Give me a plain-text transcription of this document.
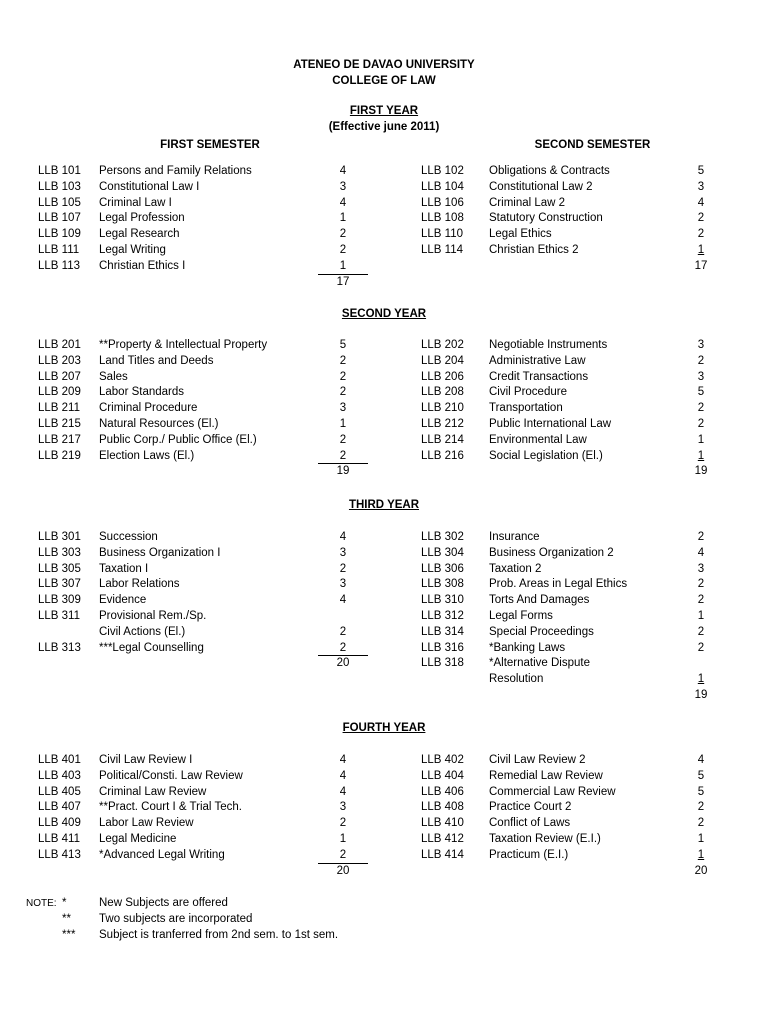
ATENEO DE DAVAO UNIVERSITY
COLLEGE OF LAW
FIRST YEAR
(Effective june 2011)
FIRST SEMESTER	SECOND SEMESTER
LLB 101 Persons and Family Relations	4
LLB 103 Constitutional Law I	3
LLB 105 Criminal Law I	4
LLB 107 Legal Profession	1
LLB 109 Legal Research	2
LLB 111 Legal Writing	2
LLB 113 Christian Ethics I	1
LLB 102 Obligations & Contracts	5
LLB 104 Constitutional Law 2	3
LLB 106 Criminal Law 2	4
LLB 108 Statutory Construction	2
LLB 110 Legal Ethics	2
LLB 114 Christian Ethics 2	1
17
17
SECOND YEAR
LLB 201 **Property & Intellectual Property	5
LLB 203 Land Titles and Deeds	2
LLB 207 Sales	2
LLB 209 Labor Standards	2
LLB 211 Criminal Procedure	3
LLB 215 Natural Resources (El.)	1
LLB 217 Public Corp./ Public Office (El.)	2
LLB 219 Election Laws (El.)	2
LLB 202 Negotiable Instruments	3
LLB 204 Administrative Law	2
LLB 206 Credit Transactions	3
LLB 208 Civil Procedure	5
LLB 210 Transportation	2
LLB 212 Public International Law	2
LLB 214 Environmental Law	1
LLB 216 Social Legislation (El.)	1
19	19
THIRD YEAR
LLB 301 Succession	4
LLB 303 Business Organization I	3
LLB 305 Taxation I	2
LLB 307 Labor Relations	3
LLB 309 Evidence	4
LLB 311 Provisional Rem./Sp.
Civil Actions (El.)	2
LLB 313 ***Legal Counselling	2
LLB 302 Insurance	2
LLB 304 Business Organization 2	4
LLB 306 Taxation 2	3
LLB 308 Prob. Areas in Legal Ethics	2
LLB 310 Torts And Damages	2
LLB 312 Legal Forms	1
LLB 314 Special Proceedings	2
LLB 316 *Banking Laws	2
LLB 318 *Alternative Dispute
Resolution	1
20
19
FOURTH YEAR
LLB 401 Civil Law Review I	4
LLB 403 Political/Consti. Law Review	4
LLB 405 Criminal Law Review	4
LLB 407 **Pract. Court I & Trial Tech.	3
LLB 409 Labor Law Review	2
LLB 411 Legal Medicine	1
LLB 413 *Advanced Legal Writing	2
LLB 402 Civil Law Review 2	4
LLB 404 Remedial Law Review	5
LLB 406 Commercial Law Review	5
LLB 408 Practice Court 2	2
LLB 410 Conflict of Laws	2
LLB 412 Taxation Review (E.I.)	1
LLB 414 Practicum (E.I.)	1
20	20
NOTE: *	New Subjects are offered
** Two subjects are incorporated
*** Subject is tranferred from 2nd sem. to 1st sem.
